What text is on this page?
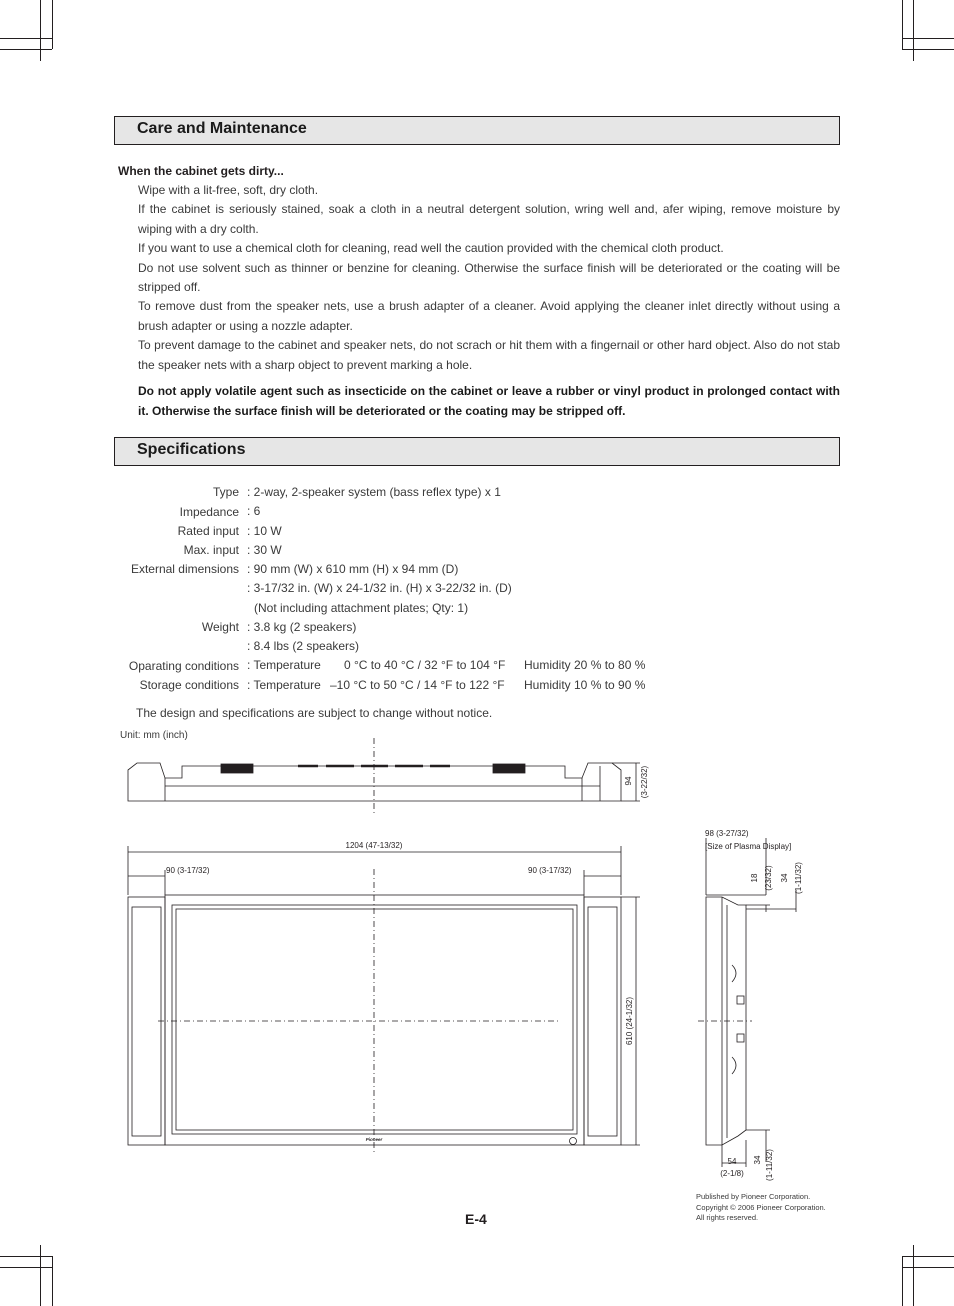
Care and Maintenance
When the cabinet gets dirty...

Wipe with a lit-free, soft, dry cloth.

If the cabinet is seriously stained, soak a cloth in a neutral detergent solution, wring well and, afer wiping, remove moisture by wiping with a dry colth.

If you want to use a chemical cloth for cleaning, read well the caution provided with the chemical cloth product.

Do not use solvent such as thinner or benzine for cleaning. Otherwise the surface finish will be deteriorated or the coating will be stripped off.

To remove dust from the speaker nets, use a brush adapter of a cleaner. Avoid applying the cleaner inlet directly without using a brush adapter or using a nozzle adapter.

To prevent damage to the cabinet and speaker nets, do not scrach or hit them with a fingernail or other hard object. Also do not stab the speaker nets with a sharp object to prevent marking a hole.

Do not apply volatile agent such as insecticide on the cabinet or leave a rubber or vinyl product in prolonged contact with it. Otherwise the surface finish will be deteriorated or the coating may be stripped off.
Specifications
Type : 2-way, 2-speaker system (bass reflex type) x 1
Impedance : 6
Rated input : 10 W
Max. input : 30 W
External dimensions : 90 mm (W) x 610 mm (H) x 94 mm (D)
: 3-17/32 in. (W) x 24-1/32 in. (H) x 3-22/32 in. (D)
(Not including attachment plates; Qty: 1)
Weight : 3.8 kg (2 speakers)
: 8.4 lbs (2 speakers)
Oparating conditions : Temperature 0 °C to 40 °C / 32 °F to 104 °F Humidity 20 % to 80 %
Storage conditions : Temperature –10 °C to 50 °C / 14 °F to 122 °F Humidity 10 % to 90 %
The design and specifications are subject to change without notice.
Unit: mm (inch)
94 (3-22/32)
1204 (47-13/32)
90 (3-17/32)	90 (3-17/32)
610 (24-1/32)
Pioneer
98 (3-27/32)
[Size of Plasma Display]
18 (23/32) 34 (1-11/32)
54
(2-1/8)
34 (1-11/32)
E-4
Published by Pioneer Corporation.
Copyright © 2006 Pioneer Corporation.
All rights reserved.
